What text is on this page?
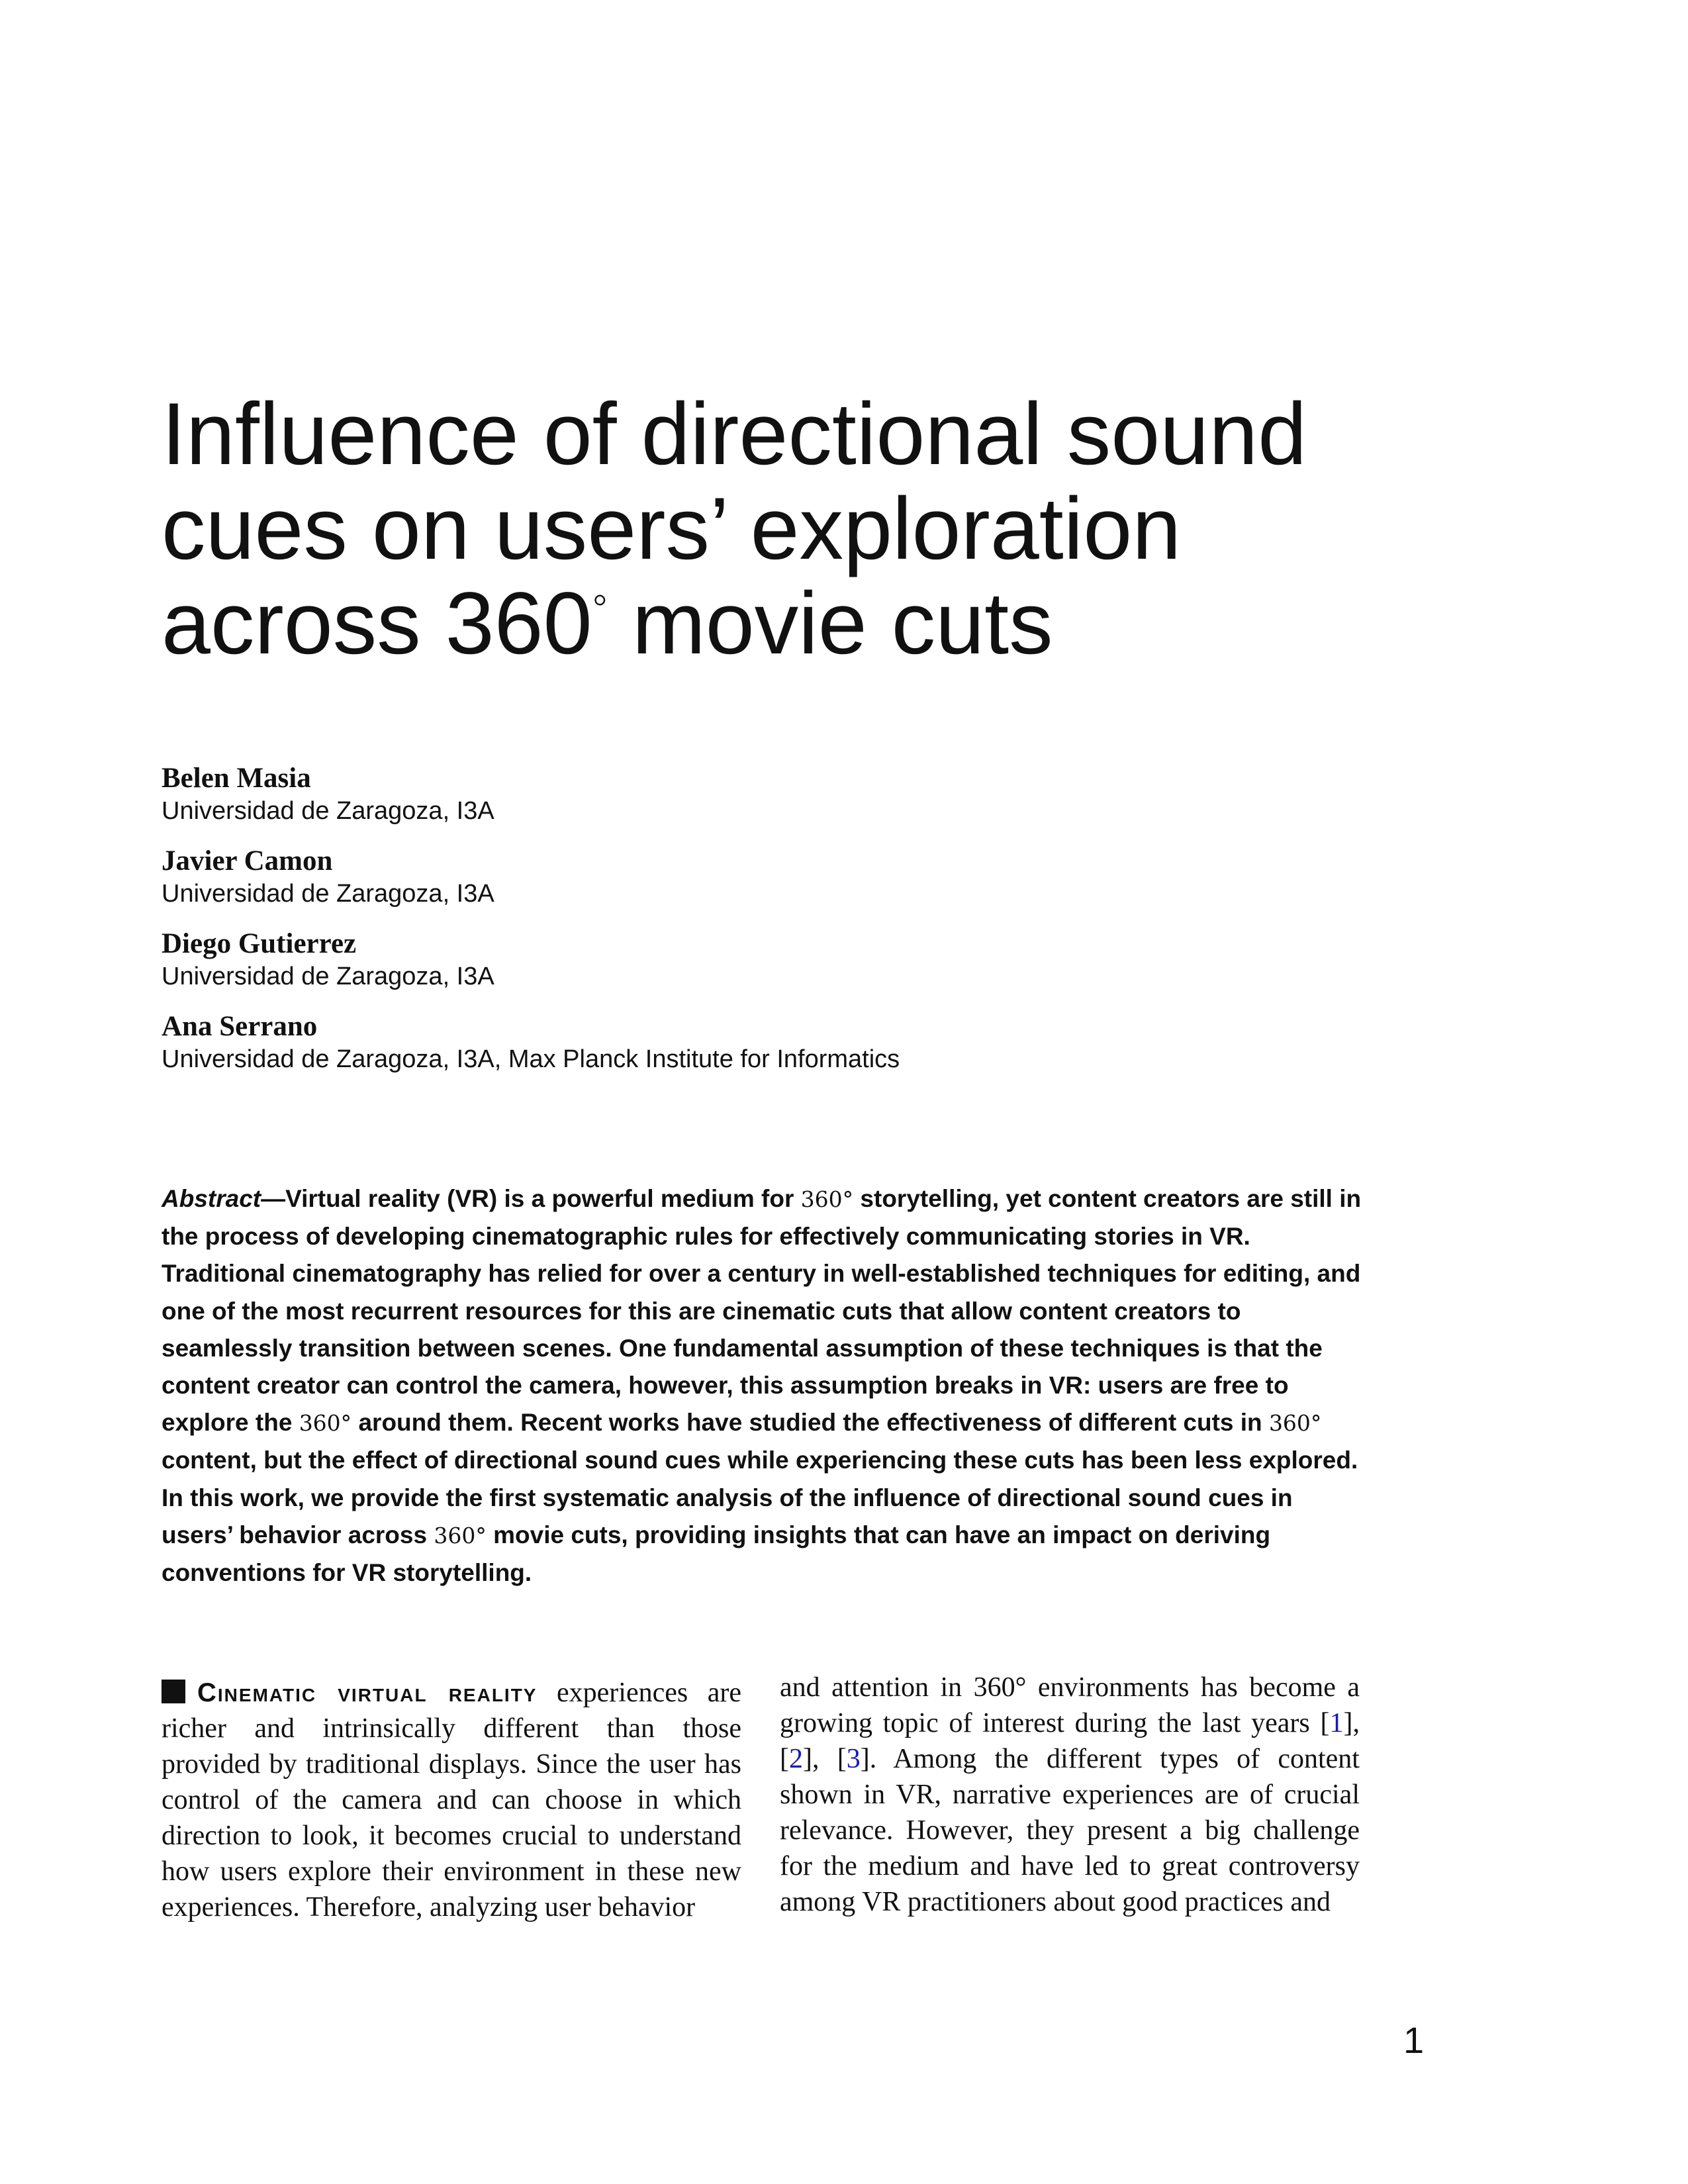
Influence of directional sound
cues on users’ exploration
across 360◦ movie cuts
Belen Masia
Universidad de Zaragoza, I3A
Javier Camon
Universidad de Zaragoza, I3A
Diego Gutierrez
Universidad de Zaragoza, I3A
Ana Serrano
Universidad de Zaragoza, I3A, Max Planck Institute for Informatics

Abstract—Virtual reality (VR) is a powerful medium for 360° storytelling, yet content creators are still in the process of developing cinematographic rules for effectively communicating stories in VR. Traditional cinematography has relied for over a century in well-established techniques for editing, and one of the most recurrent resources for this are cinematic cuts that allow content creators to seamlessly transition between scenes. One fundamental assumption of these techniques is that the content creator can control the camera, however, this assumption breaks in VR: users are free to explore the 360° around them. Recent works have studied the effectiveness of different cuts in 360° content, but the effect of directional sound cues while experiencing these cuts has been less explored. In this work, we provide the first systematic analysis of the influence of directional sound cues in users’ behavior across 360° movie cuts, providing insights that can have an impact on deriving conventions for VR storytelling.

Cinematic virtual reality experiences are richer and intrinsically different than those provided by traditional displays. Since the user has control of the camera and can choose in which direction to look, it becomes crucial to understand how users explore their environment in these new experiences. Therefore, analyzing user behavior

and attention in 360° environments has become a growing topic of interest during the last years [1], [2], [3]. Among the different types of content shown in VR, narrative experiences are of crucial relevance. However, they present a big challenge for the medium and have led to great controversy among VR practitioners about good practices and

1
